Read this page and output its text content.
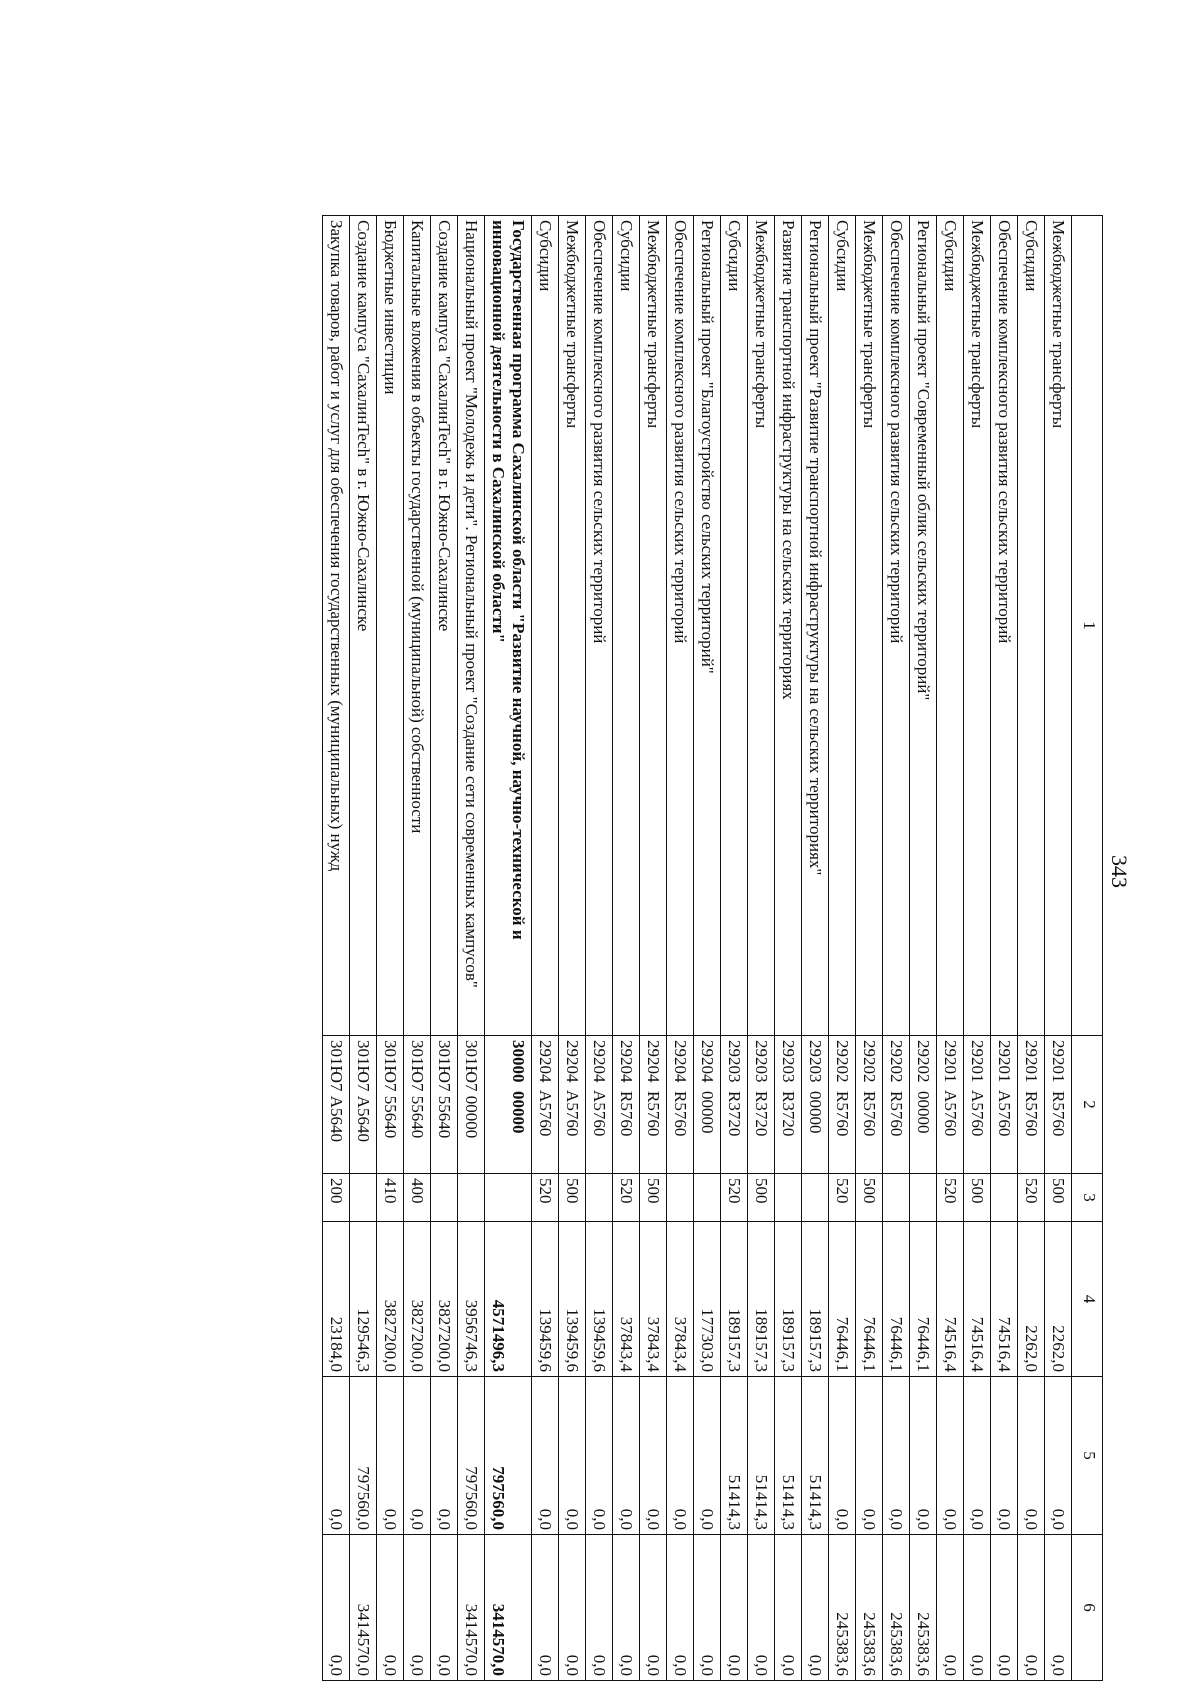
343
1	2	3	4	5	6
Межбюджетные трансферты	29201  R5760	500	2262,0	0,0	0,0
Субсидии	29201  R5760	520	2262,0	0,0	0,0
Обеспечение комплексного развития сельских территорий	29201  A5760		74516,4	0,0	0,0
Межбюджетные трансферты	29201  A5760	500	74516,4	0,0	0,0
Субсидии	29201  A5760	520	74516,4	0,0	0,0
Региональный проект "Современный облик сельских территорий"	29202  00000		76446,1	0,0	245383,6
Обеспечение комплексного развития сельских территорий	29202  R5760		76446,1	0,0	245383,6
Межбюджетные трансферты	29202  R5760	500	76446,1	0,0	245383,6
Субсидии	29202  R5760	520	76446,1	0,0	245383,6
Региональный проект "Развитие транспортной инфраструктуры на сельских территориях"	29203  00000		189157,3	51414,3	0,0
Развитие транспортной инфраструктуры на сельских территориях	29203  R3720		189157,3	51414,3	0,0
Межбюджетные трансферты	29203  R3720	500	189157,3	51414,3	0,0
Субсидии	29203  R3720	520	189157,3	51414,3	0,0
Региональный проект "Благоустройство сельских территорий"	29204  00000		177303,0	0,0	0,0
Обеспечение комплексного развития сельских территорий	29204  R5760		37843,4	0,0	0,0
Межбюджетные трансферты	29204  R5760	500	37843,4	0,0	0,0
Субсидии	29204  R5760	520	37843,4	0,0	0,0
Обеспечение комплексного развития сельских территорий	29204  A5760		139459,6	0,0	0,0
Межбюджетные трансферты	29204  A5760	500	139459,6	0,0	0,0
Субсидии	29204  A5760	520	139459,6	0,0	0,0
Государственная программа Сахалинской области "Развитие научной, научно-технической и инновационной деятельности в Сахалинской области"	30000  00000		4571496,3	797560,0	3414570,0
Национальный проект "Молодежь и дети". Региональный проект "Создание сети современных кампусов"	301Ю7 00000		3956746,3	797560,0	3414570,0
Создание кампуса "СахалинTech" в г. Южно-Сахалинске	301Ю7 55640		3827200,0	0,0	0,0
Капитальные вложения в объекты государственной (муниципальной) собственности	301Ю7 55640	400	3827200,0	0,0	0,0
Бюджетные инвестиции	301Ю7 55640	410	3827200,0	0,0	0,0
Создание кампуса "СахалинTech" в г. Южно-Сахалинске	301Ю7 А5640		129546,3	797560,0	3414570,0
Закупка товаров, работ и услуг для обеспечения государственных (муниципальных) нужд	301Ю7 А5640	200	23184,0	0,0	0,0
